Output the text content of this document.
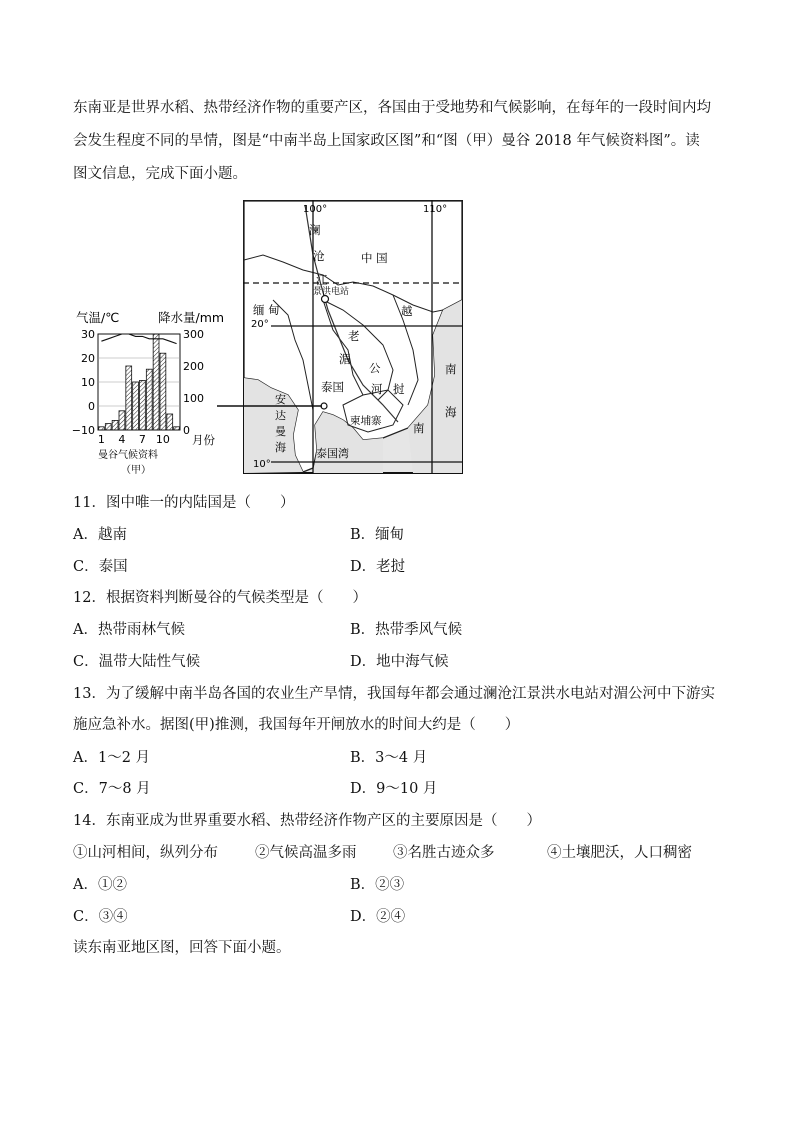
东南亚是世界水稻、热带经济作物的重要产区，各国由于受地势和气候影响，在每年的一段时间内均
会发生程度不同的旱情，图是“中南半岛上国家政区图”和“图（甲）曼谷 2018 年气候资料图”。读
图文信息，完成下面小题。
气温/℃	降水量/mm
30
20
10
0
−10
300
200
100
0
1 4 7 10 月份
曼谷气候资料
（甲）
100°	110°
20°
10°
澜
沧
江
中 国
景洪电站
缅 甸	越
老
湄
公
泰国 河 挝
安
达
曼
海
柬埔寨	南
南
海
泰国湾
11．图中唯一的内陆国是（　　）
A．越南	B．缅甸
C．泰国	D．老挝
12．根据资料判断曼谷的气候类型是（　　）
A．热带雨林气候	B．热带季风气候
C．温带大陆性气候	D．地中海气候
13．为了缓解中南半岛各国的农业生产旱情，我国每年都会通过澜沧江景洪水电站对湄公河中下游实
施应急补水。据图(甲)推测，我国每年开闸放水的时间大约是（　　）
A．1～2 月	B．3～4 月
C．7～8 月	D．9～10 月
14．东南亚成为世界重要水稻、热带经济作物产区的主要原因是（　　）
①山河相间，纵列分布	②气候高温多雨	③名胜古迹众多	④土壤肥沃，人口稠密
A．①②	B．②③
C．③④	D．②④
读东南亚地区图，回答下面小题。
